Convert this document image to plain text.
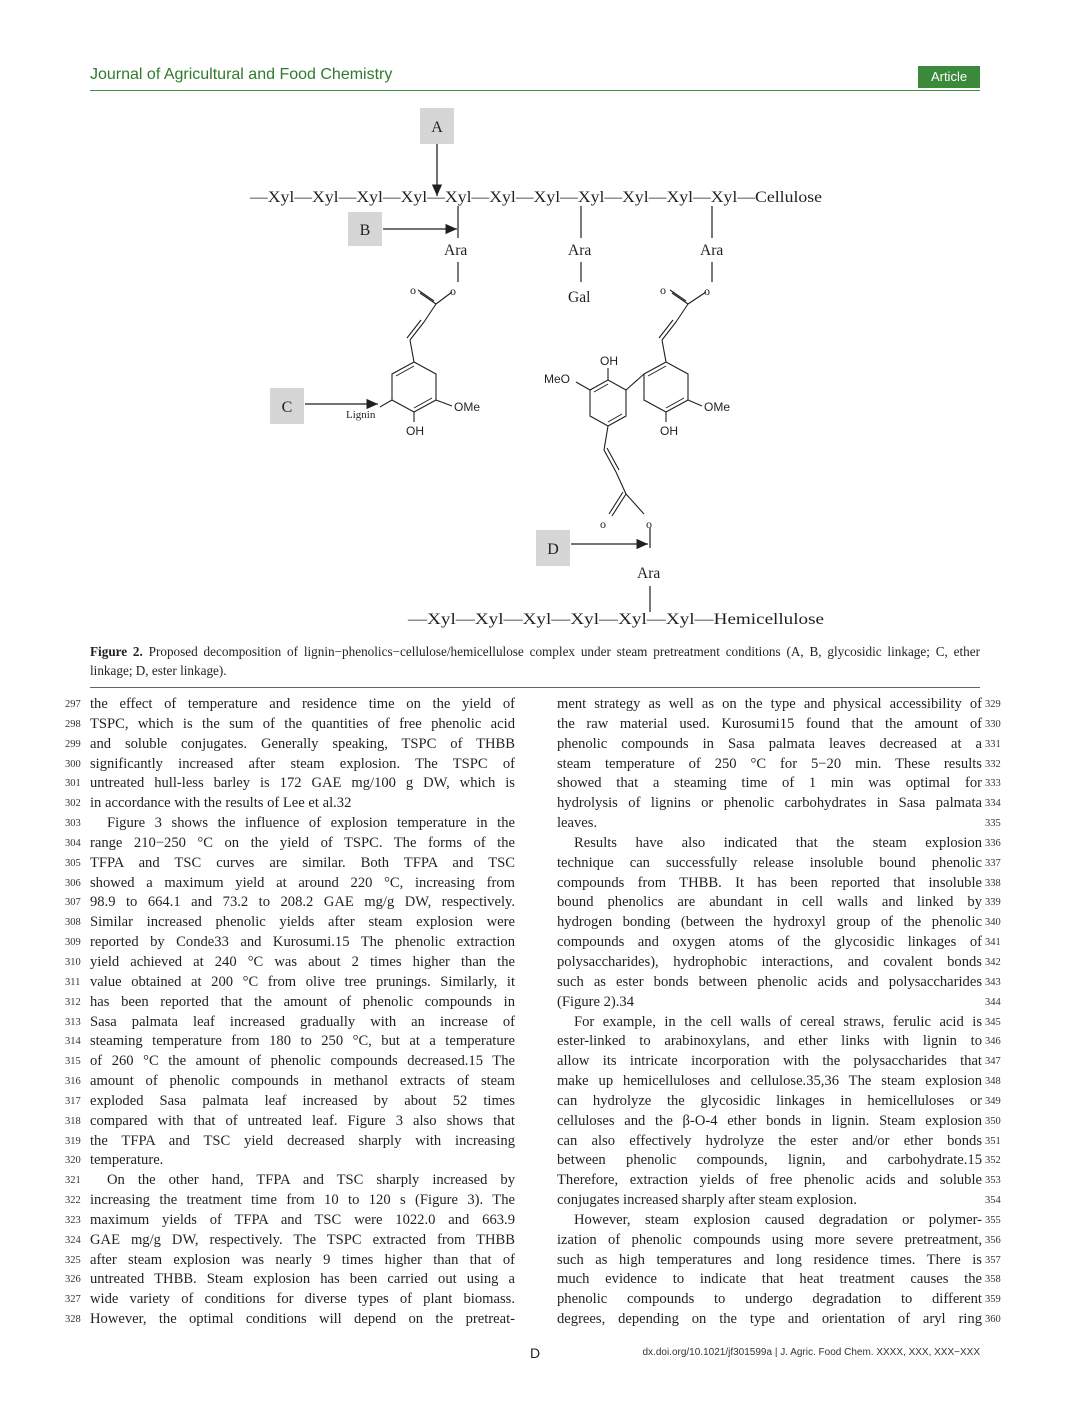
Journal of Agricultural and Food Chemistry	Article
A
—Xyl—Xyl—Xyl—Xyl—Xyl—Xyl—Xyl—Xyl—Xyl—Xyl—Xyl—Cellulose
B
Ara	Ara	Ara
Gal
o
o
OMe
OH
Lignin
C
o
o
OMe
OH
OH
MeO
o	o
D
Ara
—Xyl—Xyl—Xyl—Xyl—Xyl—Xyl—Hemicellulose
Figure 2. Proposed decomposition of lignin−phenolics−cellulose/hemicellulose complex under steam pretreatment conditions (A, B, glycosidic linkage; C, ether linkage; D, ester linkage).
the effect of temperature and residence time on the yield of
297
TSPC, which is the sum of the quantities of free phenolic acid
298
and soluble conjugates. Generally speaking, TSPC of THBB
299
significantly increased after steam explosion. The TSPC of
300
untreated hull-less barley is 172 GAE mg/100 g DW, which is
301
in accordance with the results of Lee et al.32
302
Figure 3 shows the influence of explosion temperature in the
303
range 210−250 °C on the yield of TSPC. The forms of the
304
TFPA and TSC curves are similar. Both TFPA and TSC
305
showed a maximum yield at around 220 °C, increasing from
306
98.9 to 664.1 and 73.2 to 208.2 GAE mg/g DW, respectively.
307
Similar increased phenolic yields after steam explosion were
308
reported by Conde33 and Kurosumi.15 The phenolic extraction
309
yield achieved at 240 °C was about 2 times higher than the
310
value obtained at 200 °C from olive tree prunings. Similarly, it
311
has been reported that the amount of phenolic compounds in
312
Sasa palmata leaf increased gradually with an increase of
313
steaming temperature from 180 to 250 °C, but at a temperature
314
of 260 °C the amount of phenolic compounds decreased.15 The
315
amount of phenolic compounds in methanol extracts of steam
316
exploded Sasa palmata leaf increased by about 52 times
317
compared with that of untreated leaf. Figure 3 also shows that
318
the TFPA and TSC yield decreased sharply with increasing
319
temperature.
320
On the other hand, TFPA and TSC sharply increased by
321
increasing the treatment time from 10 to 120 s (Figure 3). The
322
maximum yields of TFPA and TSC were 1022.0 and 663.9
323
GAE mg/g DW, respectively. The TSPC extracted from THBB
324
after steam explosion was nearly 9 times higher than that of
325
untreated THBB. Steam explosion has been carried out using a
326
wide variety of conditions for diverse types of plant biomass.
327
However, the optimal conditions will depend on the pretreat-
328
ment strategy as well as on the type and physical accessibility of 329
the raw material used. Kurosumi15 found that the amount of 330
phenolic compounds in Sasa palmata leaves decreased at a 331
steam temperature of 250 °C for 5−20 min. These results 332
showed that a steaming time of 1 min was optimal for 333
hydrolysis of lignins or phenolic carbohydrates in Sasa palmata 334
leaves.	335
Results have also indicated that the steam explosion 336
technique can successfully release insoluble bound phenolic 337
compounds from THBB. It has been reported that insoluble 338
bound phenolics are abundant in cell walls and linked by 339
hydrogen bonding (between the hydroxyl group of the phenolic 340
compounds and oxygen atoms of the glycosidic linkages of 341
polysaccharides), hydrophobic interactions, and covalent bonds 342
such as ester bonds between phenolic acids and polysaccharides 343
(Figure 2).34	344
For example, in the cell walls of cereal straws, ferulic acid is 345
ester-linked to arabinoxylans, and ether links with lignin to 346
allow its intricate incorporation with the polysaccharides that 347
make up hemicelluloses and cellulose.35,36 The steam explosion 348
can hydrolyze the glycosidic linkages in hemicelluloses or 349
celluloses and the β-O-4 ether bonds in lignin. Steam explosion 350
can also effectively hydrolyze the ester and/or ether bonds 351
between phenolic compounds, lignin, and carbohydrate.15 352
Therefore, extraction yields of free phenolic acids and soluble 353
conjugates increased sharply after steam explosion.	354
However, steam explosion caused degradation or polymer- 355
ization of phenolic compounds using more severe pretreatment, 356
such as high temperatures and long residence times. There is 357
much evidence to indicate that heat treatment causes the 358
phenolic compounds to undergo degradation to different 359
degrees, depending on the type and orientation of aryl ring 360
D	dx.doi.org/10.1021/jf301599a | J. Agric. Food Chem. XXXX, XXX, XXX−XXX
